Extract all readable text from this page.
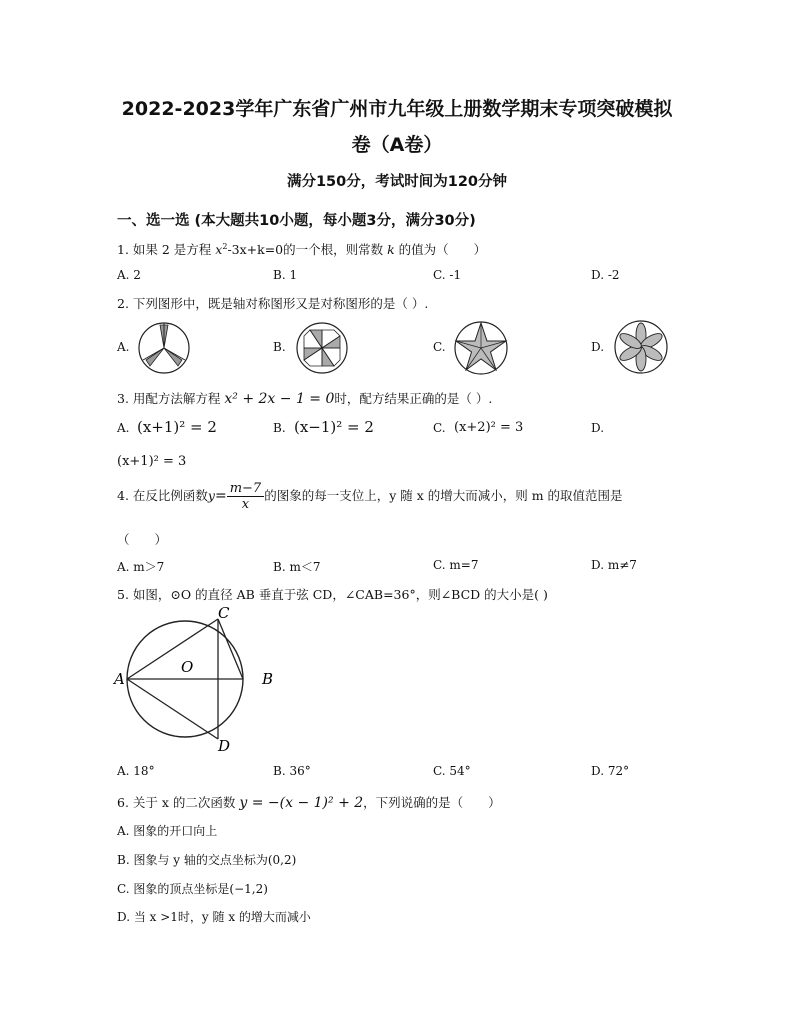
2022-2023学年广东省广州市九年级上册数学期末专项突破模拟
卷（A卷）
满分150分，考试时间为120分钟
一、选一选 (本大题共10小题，每小题3分，满分30分)
1. 如果 2 是方程 $x^2-3x+k=0$的一个根，则常数 k 的值为（　　）
A. 2	B. 1	C. -1	D. -2
2. 下列图形中，既是轴对称图形又是对称图形的是（ ）.
A.	B.	C.	D.
3. 用配方法解方程 x² + 2x − 1 = 0时，配方结果正确的是（ ）.
A. (x+1)² = 2	B. (x−1)² = 2	C. (x+2)² = 3	D.
(x+1)² = 3
4. 在反比例函数$y= \frac{m-7}{x}$ 的图象的每一支位上，y 随 x 的增大而减小，则 m 的取值范围是
（　　）
A. m＞7	B. m＜7	C. m=7	D. m≠7
5. 如图，⊙O 的直径 AB 垂直于弦 CD，∠CAB=36°，则∠BCD 的大小是( )
A	B
C
D
O
A. 18°	B. 36°	C. 54°	D. 72°
6. 关于 x 的二次函数 y = −(x − 1)² + 2，下列说确的是（　　）
A. 图象的开口向上
B. 图象与 y 轴的交点坐标为(0,2)
C. 图象的顶点坐标是(−1,2)
D. 当 x >1时，y 随 x 的增大而减小
